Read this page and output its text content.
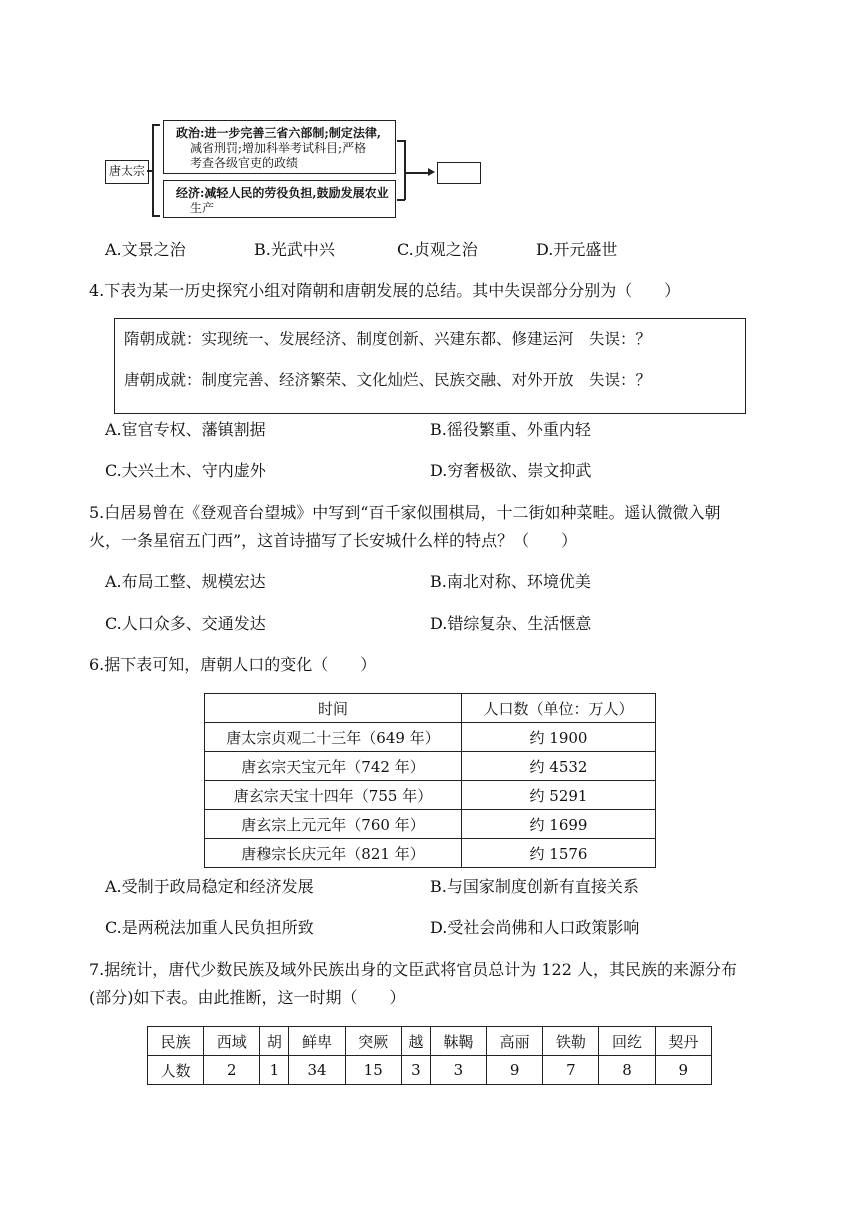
唐太宗
政治:进一步完善三省六部制;制定法律,
减省刑罚;增加科举考试科目;严格
考查各级官吏的政绩
经济:减轻人民的劳役负担,鼓励发展农业
生产
A.文景之治	B.光武中兴	C.贞观之治	D.开元盛世
4.下表为某一历史探究小组对隋朝和唐朝发展的总结。其中失误部分分别为（　　）
隋朝成就：实现统一、发展经济、制度创新、兴建东都、修建运河　失误：？
唐朝成就：制度完善、经济繁荣、文化灿烂、民族交融、对外开放　失误：？
A.宦官专权、藩镇割据	B.徭役繁重、外重内轻
C.大兴土木、守内虚外	D.穷奢极欲、崇文抑武
5.白居易曾在《登观音台望城》中写到“百千家似围棋局，十二街如种菜畦。遥认微微入朝
火，一条星宿五门西”，这首诗描写了长安城什么样的特点？（　　）
A.布局工整、规模宏达	B.南北对称、环境优美
C.人口众多、交通发达	D.错综复杂、生活惬意
6.据下表可知，唐朝人口的变化（　　）
时间	人口数（单位：万人）
唐太宗贞观二十三年（649 年）	约 1900
唐玄宗天宝元年（742 年）	约 4532
唐玄宗天宝十四年（755 年）	约 5291
唐玄宗上元元年（760 年）	约 1699
唐穆宗长庆元年（821 年）	约 1576
A.受制于政局稳定和经济发展	B.与国家制度创新有直接关系
C.是两税法加重人民负担所致	D.受社会尚佛和人口政策影响
7.据统计，唐代少数民族及域外民族出身的文臣武将官员总计为 122 人，其民族的来源分布
(部分)如下表。由此推断，这一时期（　　）
民族	西域	胡	鲜卑	突厥	越	靺鞨	高丽	铁勒	回纥	契丹
人数	2	1	34	15	3	3	9	7	8	9
